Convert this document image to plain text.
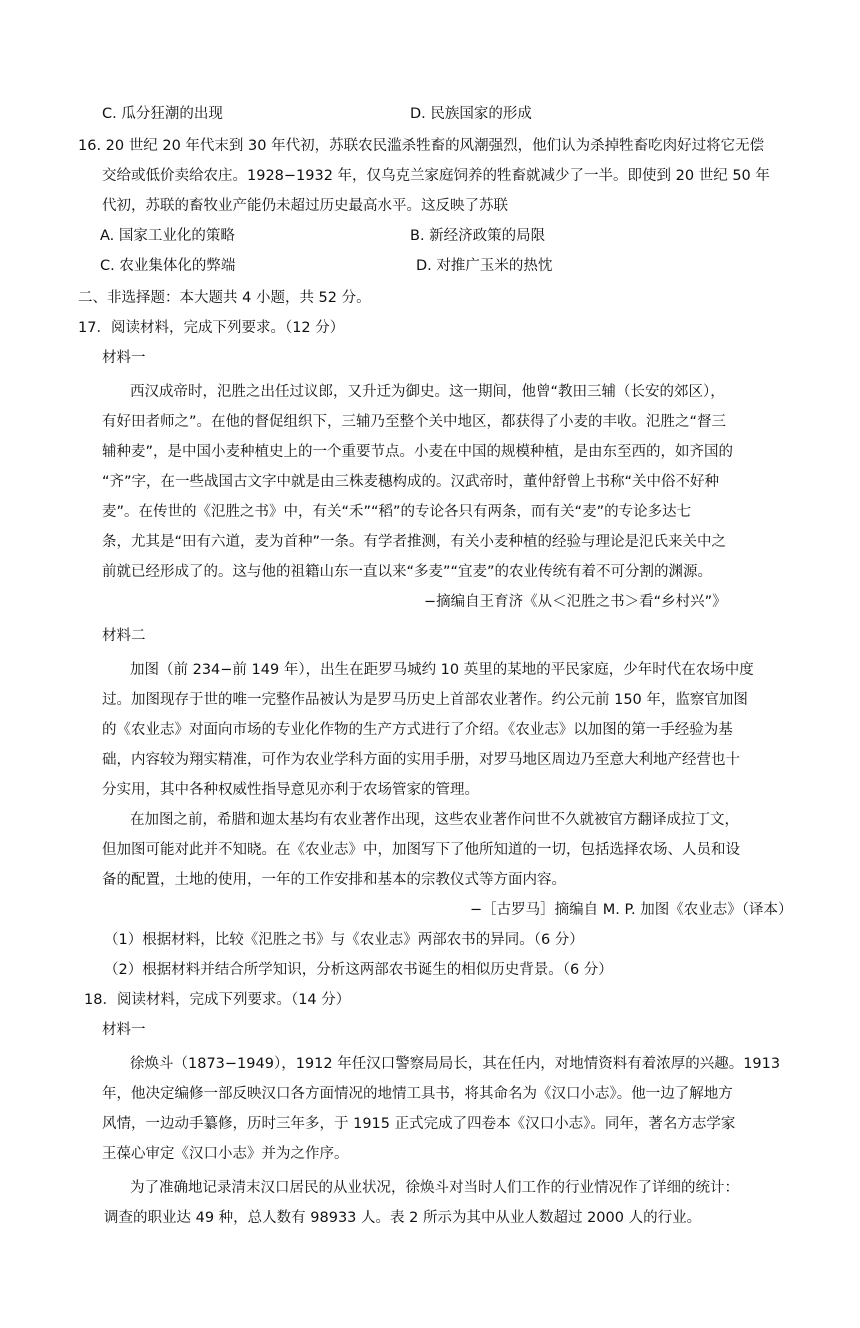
C. 瓜分狂潮的出现	D. 民族国家的形成
16. 20 世纪 20 年代末到 30 年代初，苏联农民滥杀牲畜的风潮强烈，他们认为杀掉牲畜吃肉好过将它无偿
交给或低价卖给农庄。1928−1932 年，仅乌克兰家庭饲养的牲畜就减少了一半。即使到 20 世纪 50 年
代初，苏联的畜牧业产能仍未超过历史最高水平。这反映了苏联
A. 国家工业化的策略	B. 新经济政策的局限
C. 农业集体化的弊端	D. 对推广玉米的热忱
二、非选择题：本大题共 4 小题，共 52 分。
17．阅读材料，完成下列要求。（12 分）
材料一
西汉成帝时，氾胜之出任过议郎，又升迁为御史。这一期间，他曾“教田三辅（长安的郊区），
有好田者师之”。在他的督促组织下，三辅乃至整个关中地区，都获得了小麦的丰收。氾胜之“督三
辅种麦”，是中国小麦种植史上的一个重要节点。小麦在中国的规模种植，是由东至西的，如齐国的
“齐”字，在一些战国古文字中就是由三株麦穗构成的。汉武帝时，董仲舒曾上书称“关中俗不好种
麦”。在传世的《氾胜之书》中，有关“禾”“稻”的专论各只有两条，而有关“麦”的专论多达七
条，尤其是“田有六道，麦为首种”一条。有学者推测，有关小麦种植的经验与理论是氾氏来关中之
前就已经形成了的。这与他的祖籍山东一直以来“多麦”“宜麦”的农业传统有着不可分割的渊源。
−摘编自王育济《从＜氾胜之书＞看“乡村兴”》
材料二
加图（前 234−前 149 年），出生在距罗马城约 10 英里的某地的平民家庭，少年时代在农场中度
过。加图现存于世的唯一完整作品被认为是罗马历史上首部农业著作。约公元前 150 年，监察官加图
的《农业志》对面向市场的专业化作物的生产方式进行了介绍。《农业志》以加图的第一手经验为基
础，内容较为翔实精准，可作为农业学科方面的实用手册，对罗马地区周边乃至意大利地产经营也十
分实用，其中各种权威性指导意见亦利于农场管家的管理。
在加图之前，希腊和迦太基均有农业著作出现，这些农业著作问世不久就被官方翻译成拉丁文，
但加图可能对此并不知晓。在《农业志》中，加图写下了他所知道的一切，包括选择农场、人员和设
备的配置，土地的使用，一年的工作安排和基本的宗教仪式等方面内容。
−［古罗马］摘编自 M. P. 加图《农业志》（译本）
（1）根据材料，比较《氾胜之书》与《农业志》两部农书的异同。（6 分）
（2）根据材料并结合所学知识，分析这两部农书诞生的相似历史背景。（6 分）
18．阅读材料，完成下列要求。（14 分）
材料一
徐焕斗（1873−1949），1912 年任汉口警察局局长，其在任内，对地情资料有着浓厚的兴趣。1913
年，他决定编修一部反映汉口各方面情况的地情工具书，将其命名为《汉口小志》。他一边了解地方
风情，一边动手纂修，历时三年多，于 1915 正式完成了四卷本《汉口小志》。同年，著名方志学家
王葆心审定《汉口小志》并为之作序。
为了准确地记录清末汉口居民的从业状况，徐焕斗对当时人们工作的行业情况作了详细的统计：
调查的职业达 49 种，总人数有 98933 人。表 2 所示为其中从业人数超过 2000 人的行业。
